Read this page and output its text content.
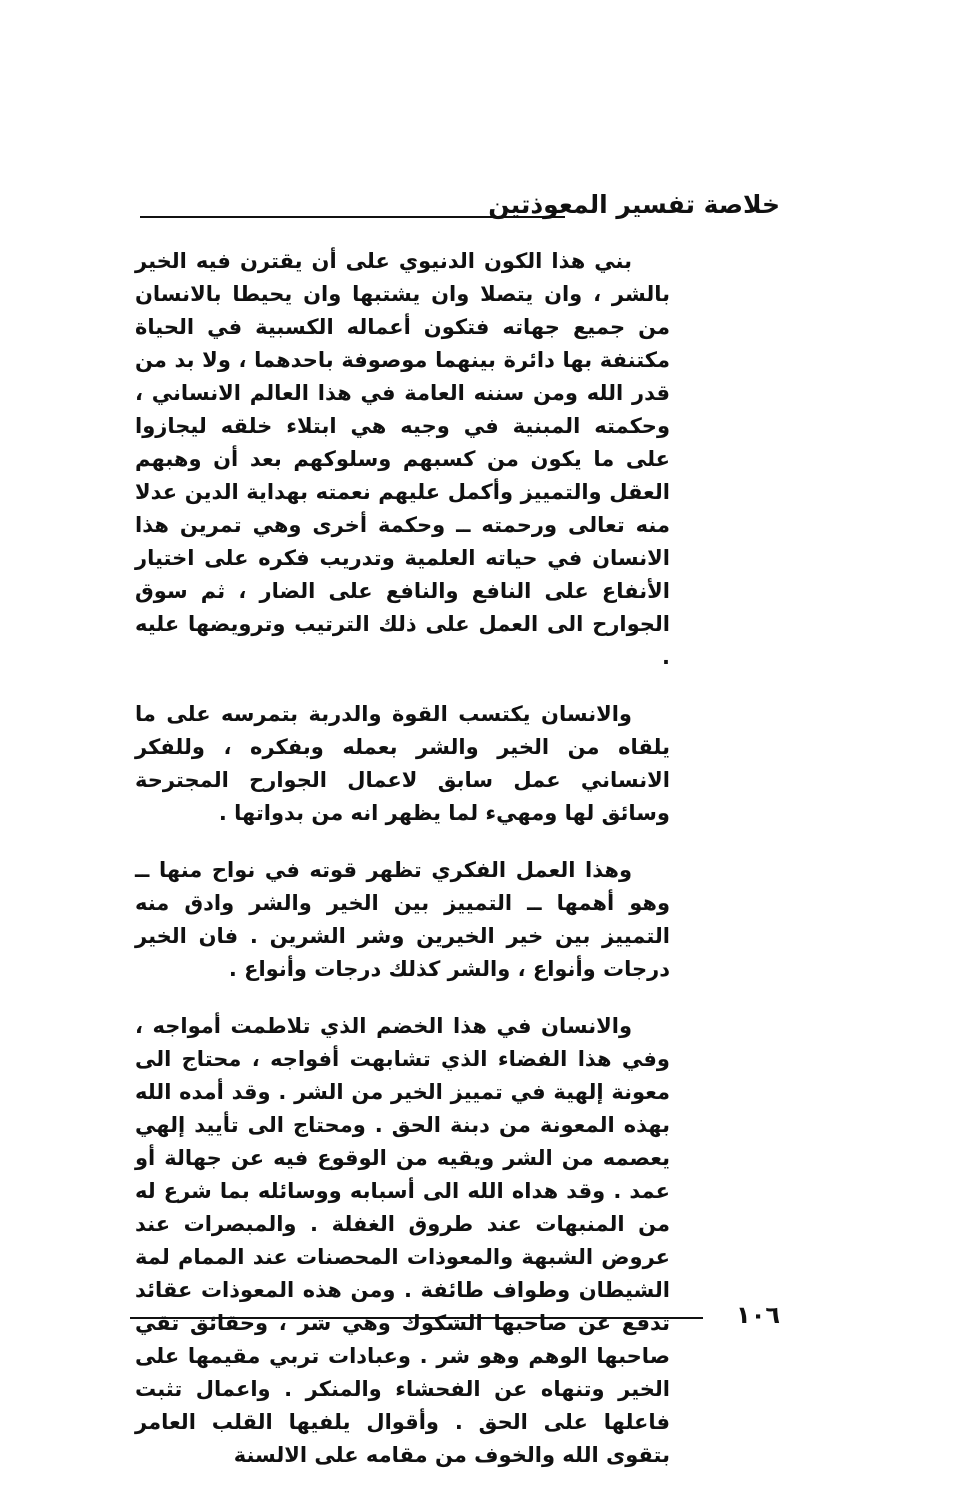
خلاصة تفسير المعوذتين

بني هذا الكون الدنيوي على أن يقترن فيه الخير بالشر ، وان يتصلا وان يشتبها وان يحيطا بالانسان من جميع جهاته فتكون أعماله الكسبية في الحياة مكتنفة بها دائرة بينهما موصوفة باحدهما ، ولا بد من قدر الله ومن سننه العامة في هذا العالم الانساني ، وحكمته المبنية في وجيه هي ابتلاء خلقه ليجازوا على ما يكون من كسبهم وسلوكهم بعد أن وهبهم العقل والتمييز وأكمل عليهم نعمته بهداية الدين عدلا منه تعالى ورحمته ــ وحكمة أخرى وهي تمرين هذا الانسان في حياته العلمية وتدريب فكره على اختيار الأنفاع على النافع والنافع على الضار ، ثم سوق الجوارح الى العمل على ذلك الترتيب وترويضها عليه .

والانسان يكتسب القوة والدربة بتمرسه على ما يلقاه من الخير والشر بعمله وبفكره ، وللفكر الانساني عمل سابق لاعمال الجوارح المجترحة وسائق لها ومهيء لما يظهر انه من بدواتها .

وهذا العمل الفكري تظهر قوته في نواح منها ــ وهو أهمها ــ التمييز بين الخير والشر وادق منه التمييز بين خير الخيرين وشر الشرين . فان الخير درجات وأنواع ، والشر كذلك درجات وأنواع .

والانسان في هذا الخضم الذي تلاطمت أمواجه ، وفي هذا الفضاء الذي تشابهت أفواجه ، محتاج الى معونة إلهية في تمييز الخير من الشر . وقد أمده الله بهذه المعونة من دبنة الحق . ومحتاج الى تأييد إلهي يعصمه من الشر ويقيه من الوقوع فيه عن جهالة أو عمد . وقد هداه الله الى أسبابه ووسائله بما شرع له من المنبهات عند طروق الغفلة . والمبصرات عند عروض الشبهة والمعوذات المحصنات عند الممام لمة الشيطان وطواف طائفة . ومن هذه المعوذات عقائد تدفع عن صاحبها الشكوك وهي شر ، وحقائق تقي صاحبها الوهم وهو شر . وعبادات تربي مقيمها على الخير وتنهاه عن الفحشاء والمنكر . واعمال تثبت فاعلها على الحق . وأقوال يلفيها القلب العامر بتقوى الله والخوف من مقامه على الالسنة

١٠٦
